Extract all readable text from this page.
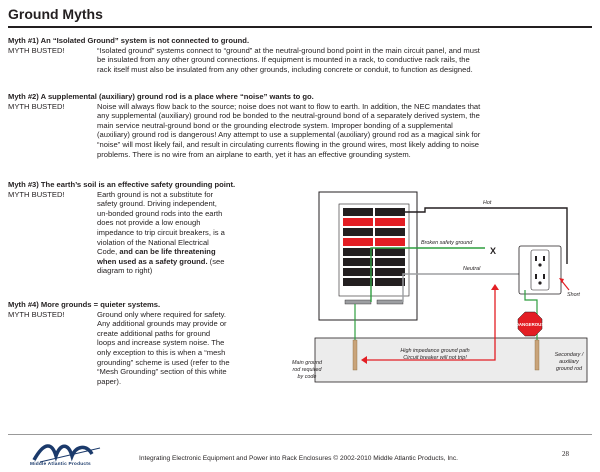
Ground Myths
Myth #1) An “Isolated Ground” system is not connected to ground.
MYTH BUSTED!	“Isolated ground” systems connect to “ground” at the neutral-ground bond point in the main circuit panel, and must
be insulated from any other ground connections. If equipment is mounted in a rack, to conductive rack rails, the
rack itself must also be insulated from any other grounds, including concrete or conduit, to function as designed.
Myth #2) A supplemental (auxiliary) ground rod is a place where “noise” wants to go.
MYTH BUSTED!	Noise will always flow back to the source; noise does not want to flow to earth. In addition, the NEC mandates that
any supplemental (auxiliary) ground rod be bonded to the neutral-ground bond of a separately derived system, the
main service neutral-ground bond or the grounding electrode system. Improper bonding of a supplemental
(auxiliary) ground rod is dangerous! Any attempt to use a supplemental (auxiliary) ground rod as a magical sink for
“noise” will most likely fail, and result in circulating currents flowing in the ground wires, most likely adding to noise
problems. There is no wire from an airplane to earth, yet it has an effective grounding system.
Myth #3) The earth’s soil is an effective safety grounding point.
MYTH BUSTED!	Earth ground is not a substitute for
safety ground. Driving independent,
un-bonded ground rods into the earth
does not provide a low enough
impedance to trip circuit breakers, is a
violation of the National Electrical
Code, and can be life threatening
when used as a safety ground. (see
diagram to right)
Myth #4) More grounds = quieter systems.
MYTH BUSTED!	Ground only where required for safety.
Any additional grounds may provide or
create additional paths for ground
loops and increase system noise. The
only exception to this is when a “mesh
grounding” scheme is used (refer to the
“Mesh Grounding” section of this white
paper).
DANGEROUS
Hot
Broken safety ground
X
Neutral
Short
High impedance ground path
Circuit breaker will not trip!
Main ground
rod required
by code
Secondary /
auxiliary
ground rod
Middle Atlantic Products
Integrating Electronic Equipment and Power into Rack Enclosures © 2002-2010 Middle Atlantic Products, Inc.
28
